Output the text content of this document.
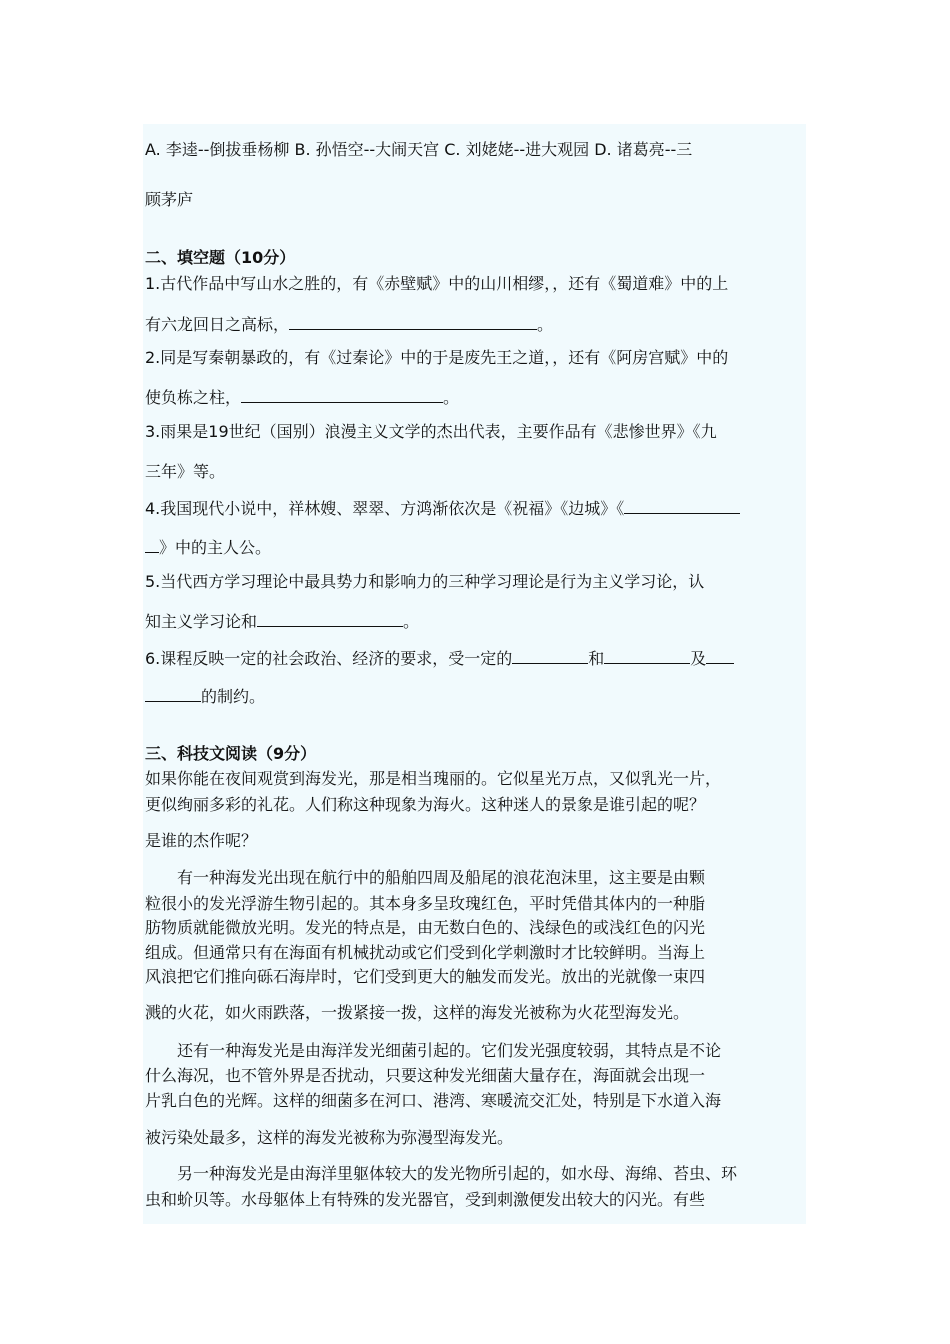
A. 李逵--倒拔垂杨柳 B. 孙悟空--大闹天宫 C. 刘姥姥--进大观园 D. 诸葛亮--三
顾茅庐
二、填空题（10分）
1.古代作品中写山水之胜的，有《赤壁赋》中的山川相缪，，还有《蜀道难》中的上
有六龙回日之高标，	。
2.同是写秦朝暴政的，有《过秦论》中的于是废先王之道，，还有《阿房宫赋》中的
使负栋之柱，	。
3.雨果是19世纪（国别）浪漫主义文学的杰出代表，主要作品有《悲惨世界》《九
三年》等。
4.我国现代小说中，祥林嫂、翠翠、方鸿渐依次是《祝福》《边城》《
》中的主人公。
5.当代西方学习理论中最具势力和影响力的三种学习理论是行为主义学习论，认
知主义学习论和	。
6.课程反映一定的社会政治、经济的要求，受一定的	和	及
的制约。
三、科技文阅读（9分）
如果你能在夜间观赏到海发光，那是相当瑰丽的。它似星光万点，又似乳光一片，
更似绚丽多彩的礼花。人们称这种现象为海火。这种迷人的景象是谁引起的呢？
是谁的杰作呢？
有一种海发光出现在航行中的船舶四周及船尾的浪花泡沫里，这主要是由颗
粒很小的发光浮游生物引起的。其本身多呈玫瑰红色，平时凭借其体内的一种脂
肪物质就能微放光明。发光的特点是，由无数白色的、浅绿色的或浅红色的闪光
组成。但通常只有在海面有机械扰动或它们受到化学刺激时才比较鲜明。当海上
风浪把它们推向砾石海岸时，它们受到更大的触发而发光。放出的光就像一束四
溅的火花，如火雨跌落，一拨紧接一拨，这样的海发光被称为火花型海发光。
还有一种海发光是由海洋发光细菌引起的。它们发光强度较弱，其特点是不论
什么海况，也不管外界是否扰动，只要这种发光细菌大量存在，海面就会出现一
片乳白色的光辉。这样的细菌多在河口、港湾、寒暖流交汇处，特别是下水道入海
被污染处最多，这样的海发光被称为弥漫型海发光。
另一种海发光是由海洋里躯体较大的发光物所引起的，如水母、海绵、苔虫、环
虫和蚧贝等。水母躯体上有特殊的发光器官，受到刺激便发出较大的闪光。有些
